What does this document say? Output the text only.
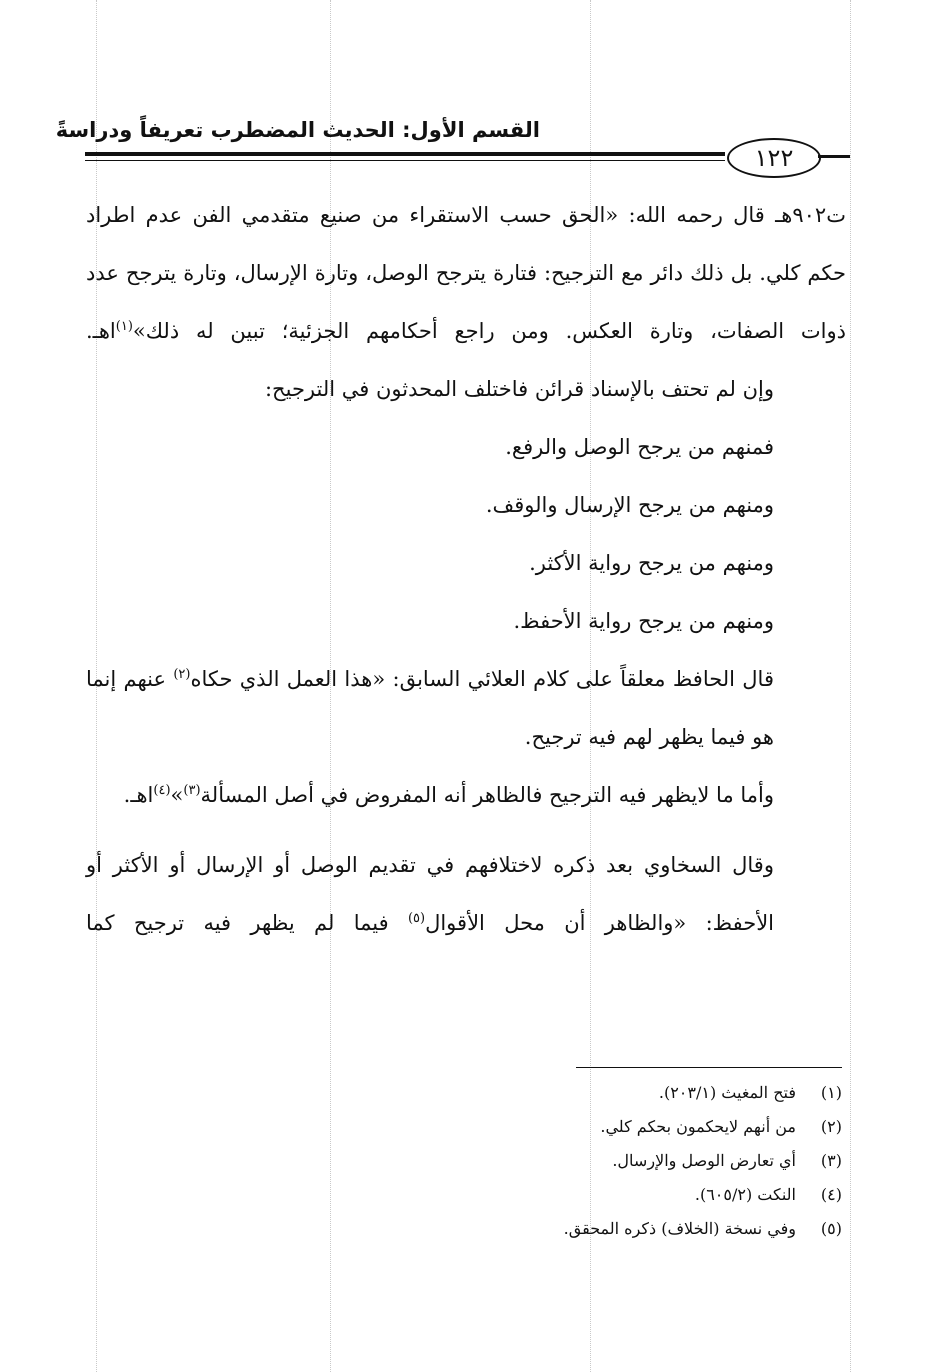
القسم الأول: الحديث المضطرب تعريفاً ودراسةً
١٢٢

ت٩٠٢هـ قال رحمه الله: «الحق حسب الاستقراء من صنيع متقدمي الفن عدم اطراد حكم كلي. بل ذلك دائر مع الترجيح: فتارة يترجح الوصل، وتارة الإرسال، وتارة يترجح عدد ذوات الصفات، وتارة العكس. ومن راجع أحكامهم الجزئية؛ تبين له ذلك»$^{(١)}$اهـ.

وإن لم تحتف بالإسناد قرائن فاختلف المحدثون في الترجيح:

فمنهم من يرجح الوصل والرفع.

ومنهم من يرجح الإرسال والوقف.

ومنهم من يرجح رواية الأكثر.

ومنهم من يرجح رواية الأحفظ.

قال الحافظ معلقاً على كلام العلائي السابق: «هذا العمل الذي حكاه$^{(٢)}$ عنهم إنما هو فيما يظهر لهم فيه ترجيح.

وأما ما لايظهر فيه الترجيح فالظاهر أنه المفروض في أصل المسألة$^{(٣)}$»$^{(٤)}$اهـ.

وقال السخاوي بعد ذكره لاختلافهم في تقديم الوصل أو الإرسال أو الأكثر أو الأحفظ: «والظاهر أن محل الأقوال$^{(٥)}$ فيما لم يظهر فيه ترجيح كما

(١)فتح المغيث (٢٠٣/١).
(٢)من أنهم لايحكمون بحكم كلي.
(٣)أي تعارض الوصل والإرسال.
(٤)النكت (٦٠٥/٢).
(٥)وفي نسخة (الخلاف) ذكره المحقق.
